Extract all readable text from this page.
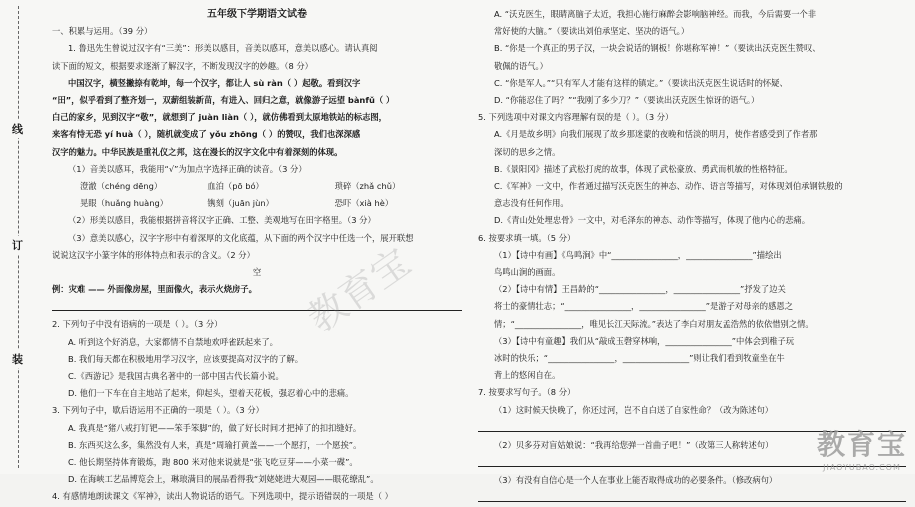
线
订
装
五年级下学期语文试卷
一、积累与运用。（39 分）
1. 鲁迅先生曾说过汉字有“三美”：形美以感目，音美以感耳，意美以感心。请认真阅
读下面的短文，根据要求逐渐了解汉字，不断发现汉字的妙趣。（8 分）
中国汉字，横竖撇捺有乾坤，每一个汉字，都让人 sù ràn（ ）起敬。看到汉字
“田”，似乎看到了整齐划一，双薪组装新苗，有进入、回归之意，就像游子远望 bànfǔ（ ）
白己的家乡，见到汉字“敬”，就想到了 juàn liàn（ ），就仿佛看到太原地铁站的标志图，
来客有恃无恐 yí huà（ ），随机就变成了 yǒu zhōng（ ）的赞叹，我们也深深感
汉字的魅力。中华民族是重礼仪之邦，这在漫长的汉字文化中有着深刻的体现。
（1）音美以感耳，我能用“√”为加点字选择正确的读音。（3 分）
澄澈（chéng dēng）	血泊（pō bó）	琐碎（zhǎ chǔ）
晃眼（huǎng huàng）	镌刻（juān jùn）	恐吓（xià hè）
（2）形美以感目，我能根据拼音将汉字正确、工整、美观地写在田字格里。（3 分）
（3）意美以感心，汉字字形中有着深厚的文化底蕴，从下面的两个汉字中任选一个，展开联想
说说这汉字小篆字体的形体特点和表示的含义。（2 分）
空
例：灾难 —— 外面像房屋，里面像火，表示火烧房子。
2. 下列句子中没有语病的一项是（ ）。（3 分）
A. 听到这个好消息，大家都情不自禁地欢呼雀跃起来了。
B. 我们每天都在积极地用学习汉字，应该要提高对汉字的了解。
C.《西游记》是我国古典名著中的一部中国古代长篇小说。
D. 他们一下车在自主地站了起来，仰起头，望着天花板，强忍着心中的悲痛。
3. 下列句子中，歇后语运用不正确的一项是（ ）。（3 分）
A. 我真是“猪八戒打钉钯——笨手笨脚”的，做了好长时间才把掉了的扣扣缝好。
B. 东西买这么多，集然没有人来，真是“周瑜打黄盖——一个愿打，一个愿挨”。
C. 他长期坚持体育锻炼，跑 800 米对他来说就是“张飞吃豆芽——小菜一碟”。
D. 在海峡工艺品博览会上，琳琅满目的展品看得我“刘姥姥进大观园——眼花缭乱”。
4. 有感情地朗读课文《军神》，读出人物说话的语气。下列选项中，提示语错误的一项是（ ）
A. “沃克医生，眼睛离脑子太近，我担心施行麻醉会影响脑神经。而我，今后需要一个非
常好使的大脑。”（要读出刘伯承坚定、坚决的语气。）
B. “你是一个真正的男子汉，一块会说话的钢板！你堪称军神！”（要读出沃克医生赞叹、
敬佩的语气。）
C. “你是军人。”“只有军人才能有这样的镇定。”（要读出沃克医生说话时的怀疑、
D. “你能忍住了吗？”“我刚了多少刀？”（要读出沃克医生惊讶的语气。）
5. 下列选项中对课文内容理解有误的是（ ）。（3 分）
A.《月是故乡明》向我们展现了故乡那迷蒙的夜晚和恬淡的明月，使作者感受到了作者那
深切的思乡之情。
B.《景阳冈》描述了武松打虎的故事，体现了武松豪放、勇武而机敏的性格特征。
C.《军神》一文中，作者通过描写沃克医生的神态、动作、语言等描写，对体现刘伯承钢铁般的
意志没有任何作用。
D.《青山处处埋忠骨》一文中，对毛泽东的神态、动作等描写，体现了他内心的悲痛。
6. 按要求填一填。（5 分）
（1）【诗中有画】《鸟鸣涧》中“________________，________________”描绘出
鸟鸣山涧的画面。
（2）【诗中有情】王昌龄的“________________，________________”抒发了边关
将士的豪情壮志；“________________，________________”是游子对母亲的感恩之
情；“________________，唯见长江天际流。”表达了李白对朋友孟浩然的依依惜别之情。
（3）【诗中有童趣】我们从“敲成玉磬穿林响，________________”中体会到稚子玩
冰时的快乐；“________________，________________”则让我们看到牧童坐在牛
背上的悠闲自在。
7. 按要求写句子。（8 分）
（1）这时候天快晚了，你还过河，岂不自白送了自家性命？（改为陈述句）
（2）贝多芬对盲姑娘说：“我再给您弹一首曲子吧！”（改第三人称转述句）
（3）有没有自信心是一个人在事业上能否取得成功的必要条件。（修改病句）
教育宝
教育宝
JIAOYUBAO.COM
